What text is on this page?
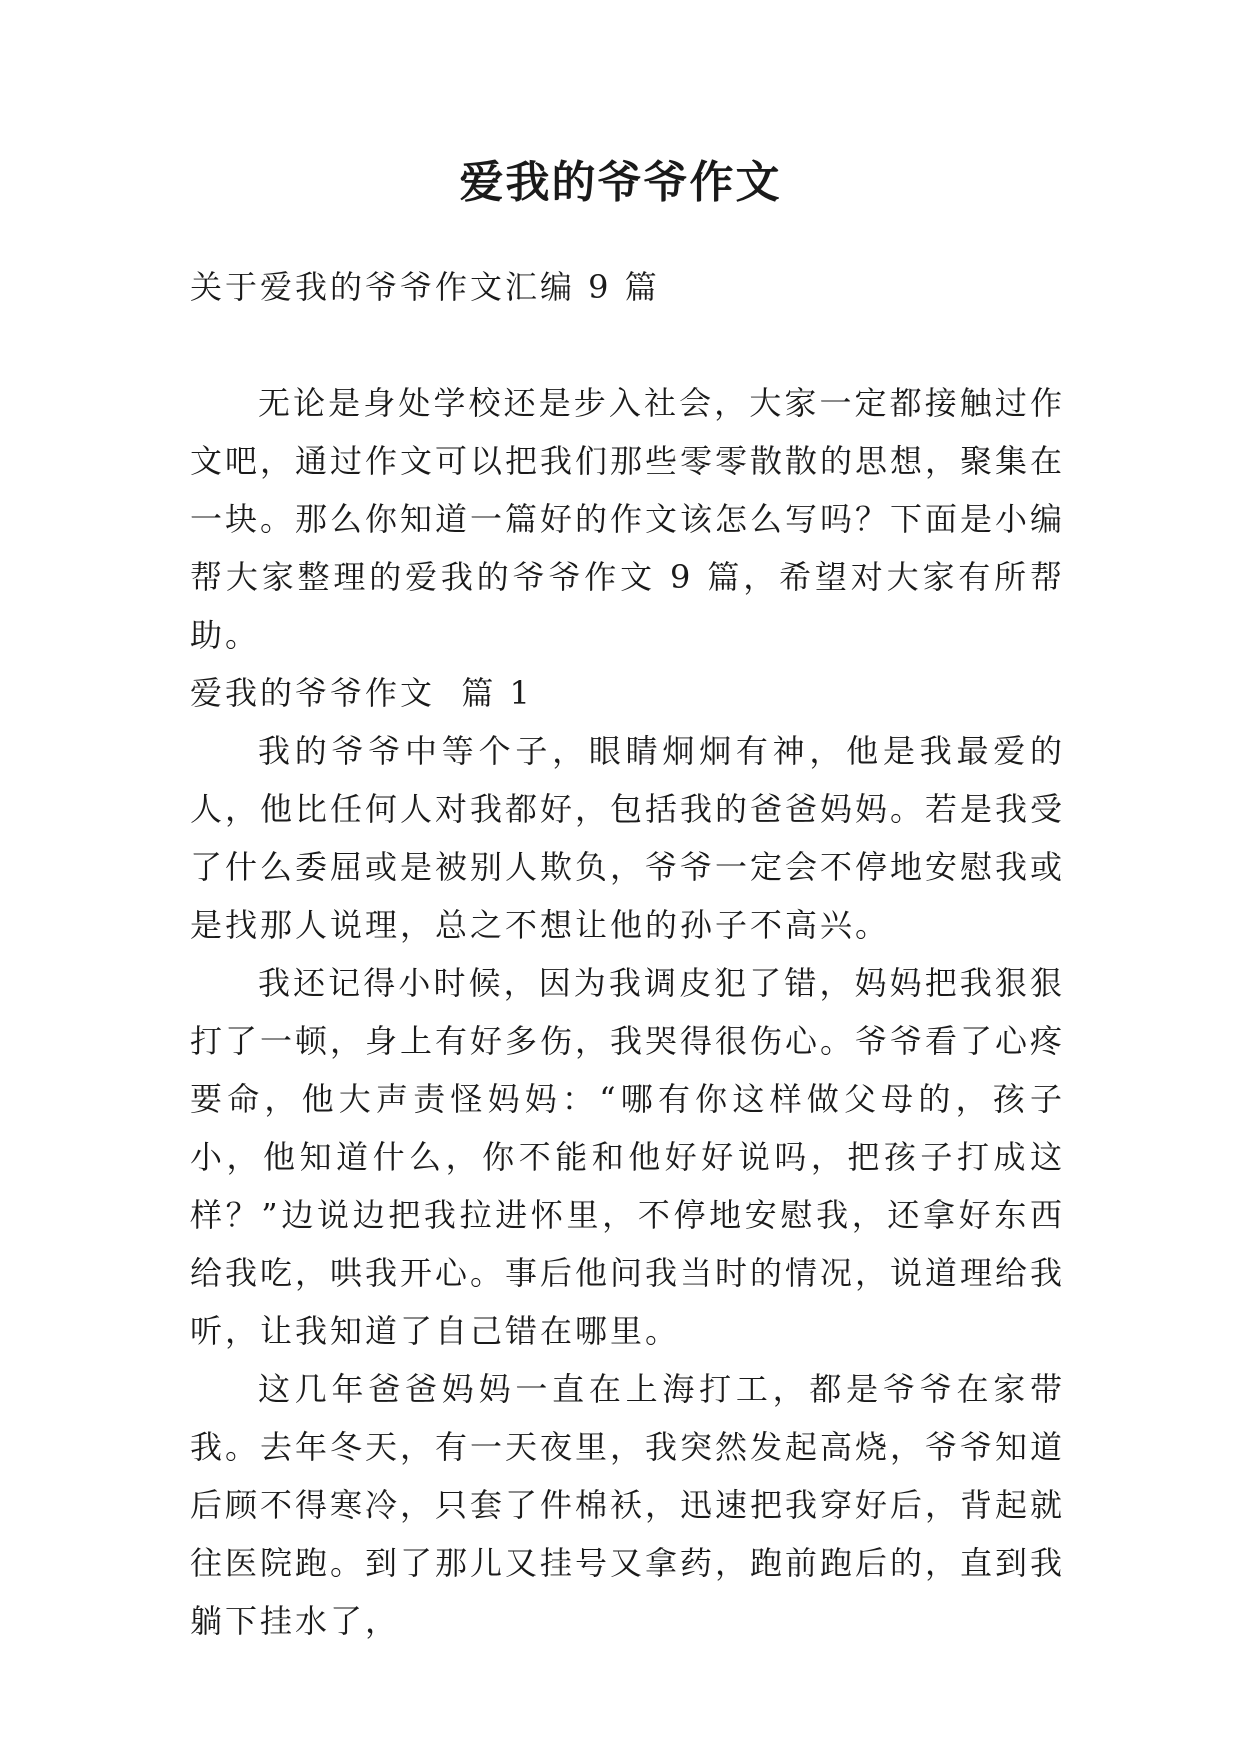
爱我的爷爷作文

关于爱我的爷爷作文汇编 9 篇

无论是身处学校还是步入社会，大家一定都接触过作文吧，通过作文可以把我们那些零零散散的思想，聚集在一块。那么你知道一篇好的作文该怎么写吗？下面是小编帮大家整理的爱我的爷爷作文 9 篇，希望对大家有所帮助。

爱我的爷爷作文  篇 1

我的爷爷中等个子，眼睛炯炯有神，他是我最爱的人，他比任何人对我都好，包括我的爸爸妈妈。若是我受了什么委屈或是被别人欺负，爷爷一定会不停地安慰我或是找那人说理，总之不想让他的孙子不高兴。

我还记得小时候，因为我调皮犯了错，妈妈把我狠狠打了一顿，身上有好多伤，我哭得很伤心。爷爷看了心疼要命，他大声责怪妈妈：“哪有你这样做父母的，孩子小，他知道什么，你不能和他好好说吗，把孩子打成这样？”边说边把我拉进怀里，不停地安慰我，还拿好东西给我吃，哄我开心。事后他问我当时的情况，说道理给我听，让我知道了自己错在哪里。

这几年爸爸妈妈一直在上海打工，都是爷爷在家带我。去年冬天，有一天夜里，我突然发起高烧，爷爷知道后顾不得寒冷，只套了件棉袄，迅速把我穿好后，背起就往医院跑。到了那儿又挂号又拿药，跑前跑后的，直到我躺下挂水了，
